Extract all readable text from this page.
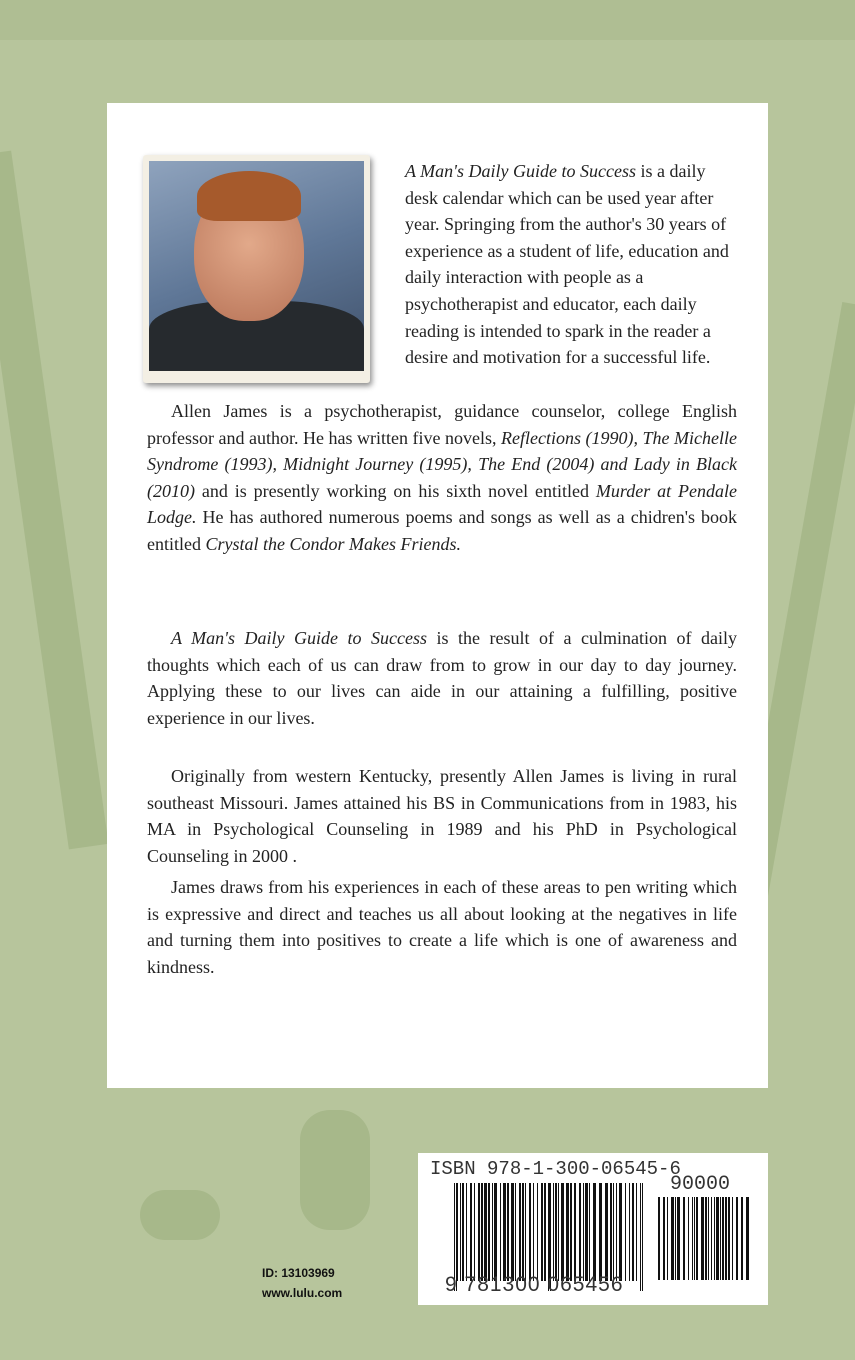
A Man's Daily Guide to Success is a daily desk calendar which can be used year after year. Springing from the author's 30 years of experience as a student of life, education and daily interaction with people as a psychotherapist and educator, each daily reading is intended to spark in the reader a desire and motivation for a successful life.
Allen James is a psychotherapist, guidance counselor, college English professor and author. He has written five novels, Reflections (1990), The Michelle Syndrome (1993), Midnight Journey (1995), The End (2004) and Lady in Black (2010) and is presently working on his sixth novel entitled Murder at Pendale Lodge. He has authored numerous poems and songs as well as a chidren's book entitled Crystal the Condor Makes Friends.
A Man's Daily Guide to Success is the result of a culmination of daily thoughts which each of us can draw from to grow in our day to day journey. Applying these to our lives can aide in our attaining a fulfilling, positive experience in our lives.
Originally from western Kentucky, presently Allen James is living in rural southeast Missouri. James attained his BS in Communications from in 1983, his MA in Psychological Counseling in 1989 and his PhD in Psychological Counseling in 2000 .
James draws from his experiences in each of these areas to pen writing which is expressive and direct and teaches us all about looking at the negatives in life and turning them into positives to create a life which is one of awareness and kindness.
ISBN 978-1-300-06545-6
90000
9 781300 065456
ID: 13103969
www.lulu.com
